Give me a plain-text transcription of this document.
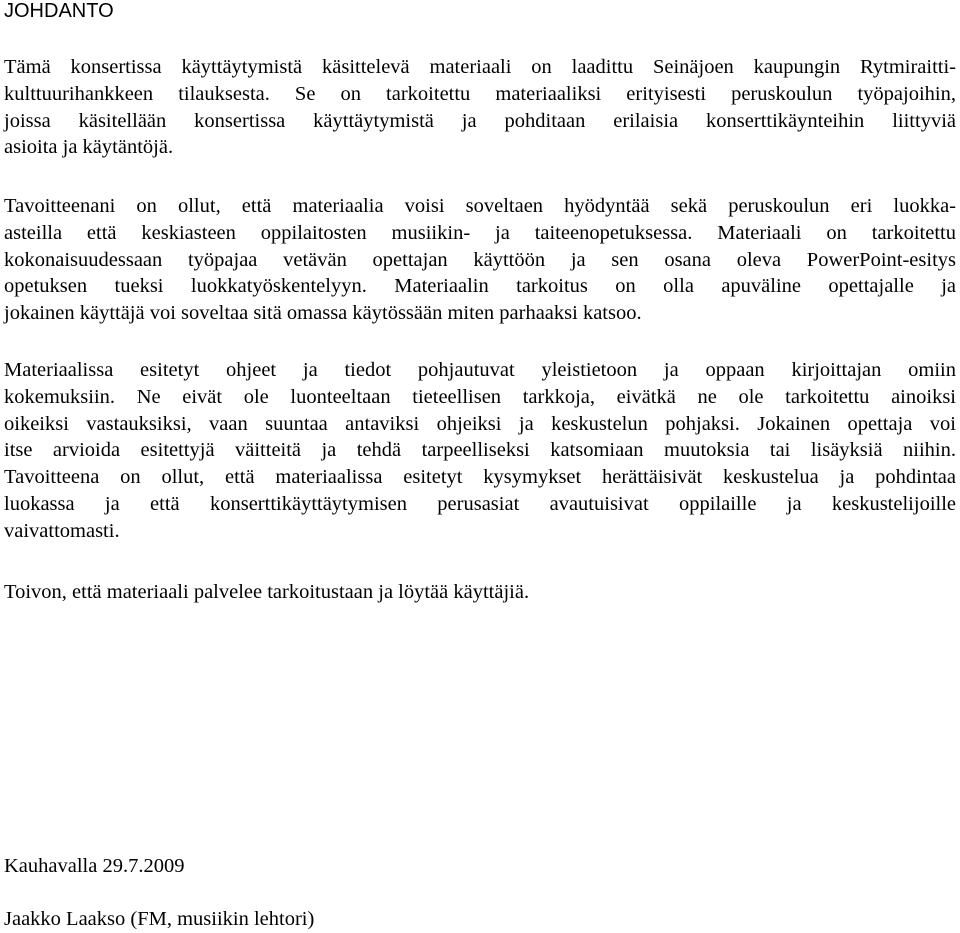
JOHDANTO
Tämä konsertissa käyttäytymistä käsittelevä materiaali on laadittu Seinäjoen kaupungin Rytmiraitti-
kulttuurihankkeen tilauksesta. Se on tarkoitettu materiaaliksi erityisesti peruskoulun työpajoihin,
joissa käsitellään konsertissa käyttäytymistä ja pohditaan erilaisia konserttikäynteihin liittyviä
asioita ja käytäntöjä.
Tavoitteenani on ollut, että materiaalia voisi soveltaen hyödyntää sekä peruskoulun eri luokka-
asteilla että keskiasteen oppilaitosten musiikin- ja taiteenopetuksessa. Materiaali on tarkoitettu
kokonaisuudessaan työpajaa vetävän opettajan käyttöön ja sen osana oleva PowerPoint-esitys
opetuksen tueksi luokkatyöskentelyyn. Materiaalin tarkoitus on olla apuväline opettajalle ja
jokainen käyttäjä voi soveltaa sitä omassa käytössään miten parhaaksi katsoo.
Materiaalissa esitetyt ohjeet ja tiedot pohjautuvat yleistietoon ja oppaan kirjoittajan omiin
kokemuksiin. Ne eivät ole luonteeltaan tieteellisen tarkkoja, eivätkä ne ole tarkoitettu ainoiksi
oikeiksi vastauksiksi, vaan suuntaa antaviksi ohjeiksi ja keskustelun pohjaksi. Jokainen opettaja voi
itse arvioida esitettyjä väitteitä ja tehdä tarpeelliseksi katsomiaan muutoksia tai lisäyksiä niihin.
Tavoitteena on ollut, että materiaalissa esitetyt kysymykset herättäisivät keskustelua ja pohdintaa
luokassa ja että konserttikäyttäytymisen perusasiat avautuisivat oppilaille ja keskustelijoille
vaivattomasti.
Toivon, että materiaali palvelee tarkoitustaan ja löytää käyttäjiä.
Kauhavalla 29.7.2009
Jaakko Laakso (FM, musiikin lehtori)
